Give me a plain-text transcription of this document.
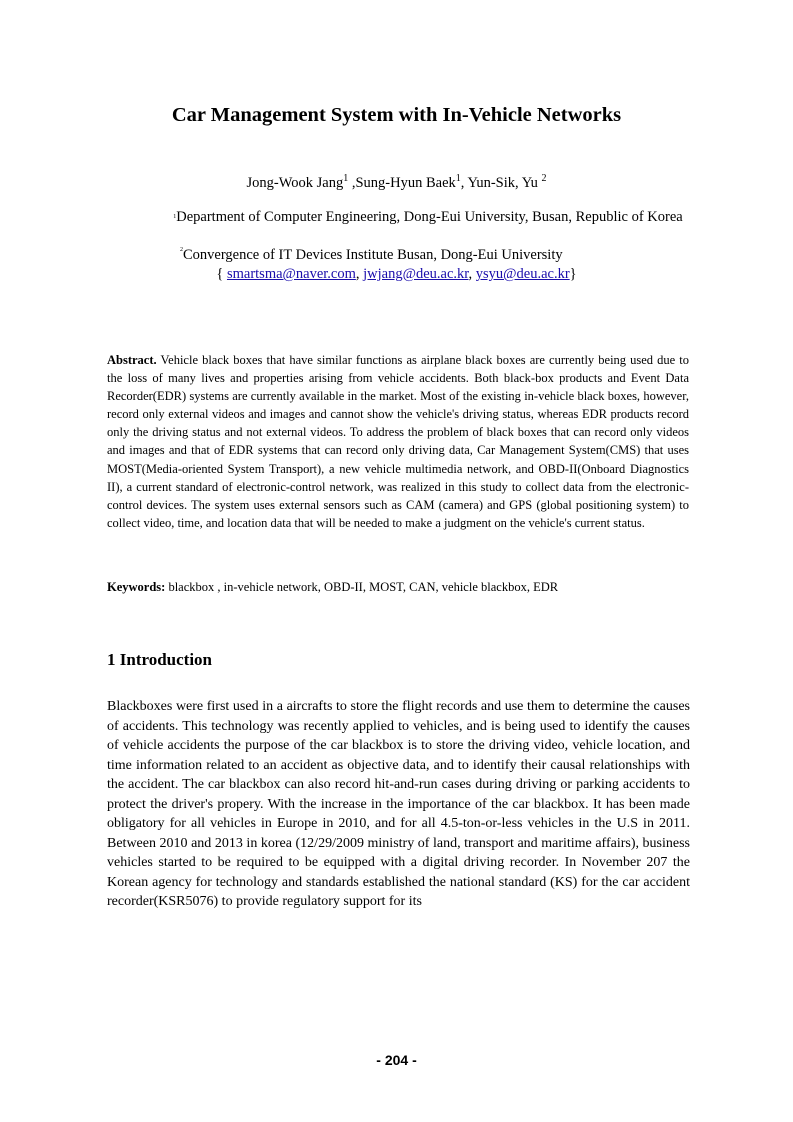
Car Management System with In-Vehicle Networks
Jong-Wook Jang$^1$ ,Sung-Hyun Baek$^1$, Yun-Sik, Yu $^2$
$^1$Department of Computer Engineering, Dong-Eui University, Busan, Republic of Korea
$^2$Convergence of IT Devices Institute Busan, Dong-Eui University
{ smartsma@naver.com, jwjang@deu.ac.kr, ysyu@deu.ac.kr}
Abstract. Vehicle black boxes that have similar functions as airplane black boxes are currently being used due to the loss of many lives and properties arising from vehicle accidents. Both black-box products and Event Data Recorder(EDR) systems are currently available in the market. Most of the existing in-vehicle black boxes, however, record only external videos and images and cannot show the vehicle's driving status, whereas EDR products record only the driving status and not external videos. To address the problem of black boxes that can record only videos and images and that of EDR systems that can record only driving data, Car Management System(CMS) that uses MOST(Media-oriented System Transport), a new vehicle multimedia network, and OBD-II(Onboard Diagnostics II), a current standard of electronic-control network, was realized in this study to collect data from the electronic-control devices. The system uses external sensors such as CAM (camera) and GPS (global positioning system) to collect video, time, and location data that will be needed to make a judgment on the vehicle's current status.
Keywords: blackbox , in-vehicle network, OBD-II, MOST, CAN, vehicle blackbox, EDR
1 Introduction
Blackboxes were first used in a aircrafts to store the flight records and use them to determine the causes of accidents. This technology was recently applied to vehicles, and is being used to identify the causes of vehicle accidents the purpose of the car blackbox is to store the driving video, vehicle location, and time information related to an accident as objective data, and to identify their causal relationships with the accident. The car blackbox can also record hit-and-run cases during driving or parking accidents to protect the driver's propery. With the increase in the importance of the car blackbox. It has been made obligatory for all vehicles in Europe in 2010, and for all 4.5-ton-or-less vehicles in the U.S in 2011. Between 2010 and 2013 in korea (12/29/2009 ministry of land, transport and maritime affairs), business vehicles started to be required to be equipped with a digital driving recorder. In November 207 the Korean agency for technology and standards established the national standard (KS) for the car accident recorder(KSR5076) to provide regulatory support for its
- 204 -
